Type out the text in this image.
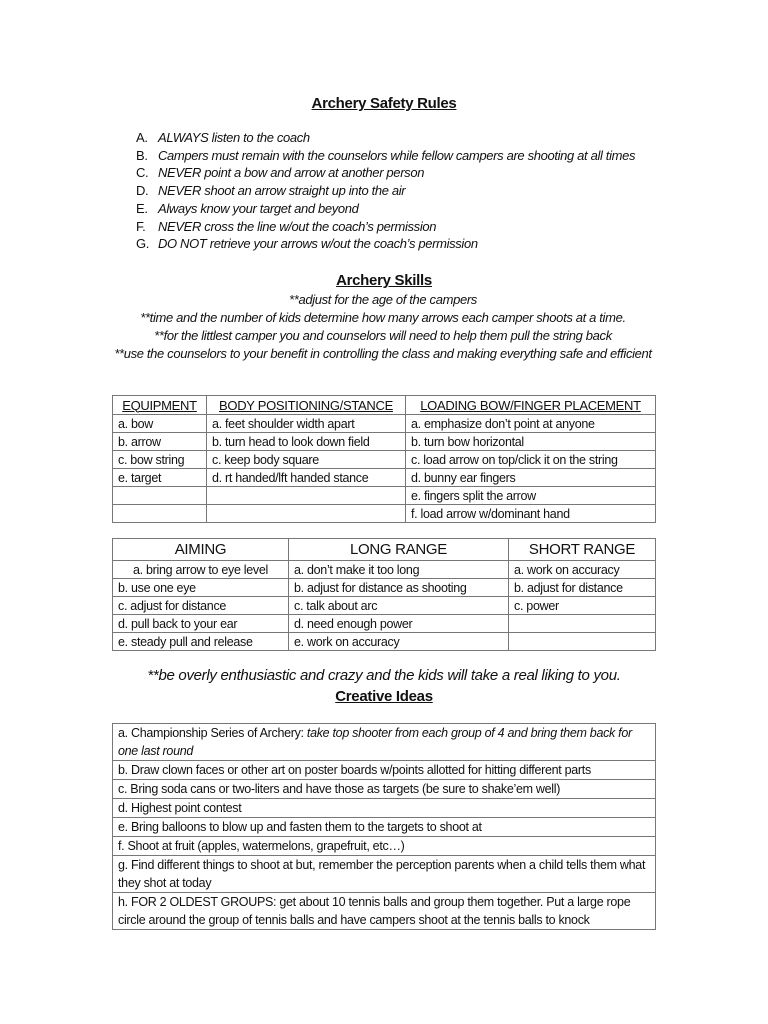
Archery Safety Rules
A. ALWAYS listen to the coach
B. Campers must remain with the counselors while fellow campers are shooting at all times
C. NEVER point a bow and arrow at another person
D. NEVER shoot an arrow straight up into the air
E. Always know your target and beyond
F. NEVER cross the line w/out the coach’s permission
G. DO NOT retrieve your arrows w/out the coach’s permission
Archery Skills

**adjust for the age of the campers

**time and the number of kids determine how many arrows each camper shoots at a time.

**for the littlest camper you and counselors will need to help them pull the string back

**use the counselors to your benefit in controlling the class and making everything safe and efficient

EQUIPMENT	BODY POSITIONING/STANCE	LOADING BOW/FINGER PLACEMENT
a. bow	a. feet shoulder width apart	a. emphasize don’t point at anyone
b. arrow	b. turn head to look down field	b. turn bow horizontal
c. bow string	c. keep body square	c. load arrow on top/click it on the string
e. target	d. rt handed/lft handed stance	d. bunny ear fingers
		e. fingers split the arrow
		f. load arrow w/dominant hand
AIMING	LONG RANGE	SHORT RANGE
a. bring arrow to eye level	a. don’t make it too long	a. work on accuracy
b. use one eye	b. adjust for distance as shooting	b. adjust for distance
c. adjust for distance	c. talk about arc	c. power
d. pull back to your ear	d. need enough power	
e. steady pull and release	e. work on accuracy	
**be overly enthusiastic and crazy and the kids will take a real liking to you.
Creative Ideas
a. Championship Series of Archery: take top shooter from each group of 4 and bring them back for one last round
b. Draw clown faces or other art on poster boards w/points allotted for hitting different parts
c. Bring soda cans or two-liters and have those as targets (be sure to shake’em well)
d. Highest point contest
e. Bring balloons to blow up and fasten them to the targets to shoot at
f. Shoot at fruit (apples, watermelons, grapefruit, etc…)
g. Find different things to shoot at but, remember the perception parents when a child tells them what they shot at today
h. FOR 2 OLDEST GROUPS: get about 10 tennis balls and group them together. Put a large rope circle around the group of tennis balls and have campers shoot at the tennis balls to knock
